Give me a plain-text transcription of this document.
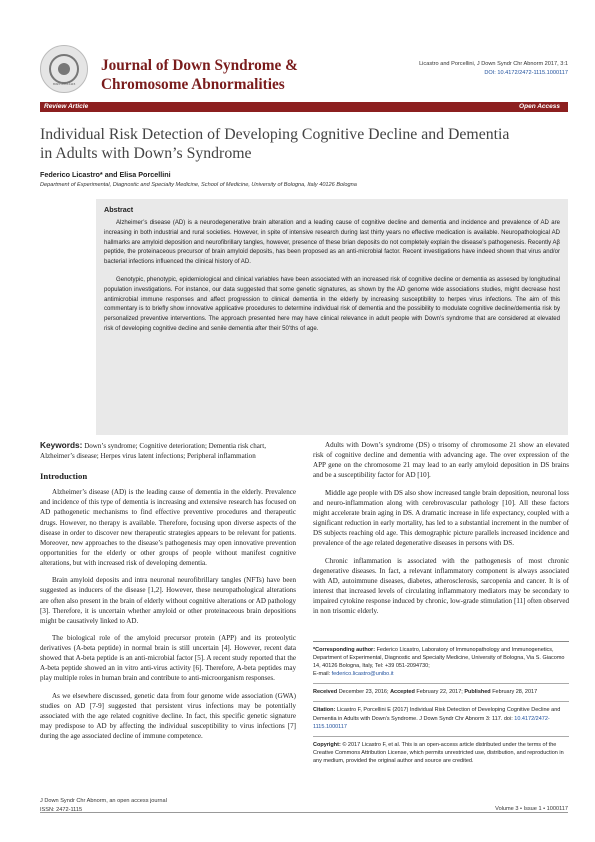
ISSN: 2472-1115
Journal of Down Syndrome &
Chromosome Abnormalities
Licastro and Porcellini, J Down Syndr Chr Abnorm 2017, 3:1
DOI: 10.4172/2472-1115.1000117
Review Article	Open Access
Individual Risk Detection of Developing Cognitive Decline and Dementia
in Adults with Down’s Syndrome
Federico Licastro* and Elisa Porcellini
Department of Experimental, Diagnostic and Specialty Medicine, School of Medicine, University of Bologna, Italy 40126 Bologna
Abstract

Alzheimer’s disease (AD) is a neurodegenerative brain alteration and a leading cause of cognitive decline and dementia and incidence and prevalence of AD are increasing in both industrial and rural societies. However, in spite of intensive research during last thirty years no effective medication is available. Neuropathological AD hallmarks are amyloid deposition and neurofibrillary tangles, however, presence of these brian deposits do not completely explain the disease’s pathogenesis. Recently Aβ peptide, the proteinaceous precursor of brain amyloid deposits, has been proposed as an anti-microbial factor. Recent investigations have indeed shown that virus and/or bacterial infections influenced the clinical history of AD.

Genotypic, phenotypic, epidemiological and clinical variables have been associated with an increased risk of cognitive decline or dementia as assesed by longitudinal population investigations. For instance, our data suggested that some genetic signatures, as shown by the AD genome wide associations studies, might decrease host antimicrobial immune responses and affect progression to clinical dementia in the elderly by increasing susceptibility to herpes virus infections. The aim of this commentary is to briefly show innovative applicative procedures to determine individual risk of dementia and the possibility to modulate cognitive decline/dementia risk by personalized preventive interventions. The approach presented here may have clinical relevance in adult people with Down’s syndrome that are considered at elevated risk of developing cognitive decline and senile dementia after their 50’ths of age.

Keywords: Down’s syndrome; Cognitive deterioration; Dementia risk chart, Alzheimer’s disease; Herpes virus latent infections; Peripheral inflammation
Introduction

Alzheimer’s disease (AD) is the leading cause of dementia in the elderly. Prevalence and incidence of this type of dementia is increasing and extensive research has focused on AD pathogenetic mechanisms to find effective preventive procedures and therapeutic drugs. However, no therapy is available. Therefore, focusing upon diverse aspects of the disease in order to discover new therapeutic strategies appears to be relevant for patients. Moreover, new approaches to the disease’s pathogenesis may open innovative prevention opportunities for the elderly or other groups of people without manifest cognitive alterations, but with increased risk of developing dementia.

Brain amyloid deposits and intra neuronal neurofibrillary tangles (NFTs) have been suggested as inducers of the disease [1,2]. However, these neuropathological alterations are often also present in the brain of elderly without cognitive alterations or AD pathology [3]. Therefore, it is uncertain whether amyloid or other proteinaceous brain depositions might be causatively linked to AD.

The biological role of the amyloid precursor protein (APP) and its proteolytic derivatives (A-beta peptide) in normal brain is still uncertain [4]. However, recent data showed that A-beta peptide is an anti-microbial factor [5]. A recent study reported that the A-beta peptide showed an in vitro anti-virus activity [6]. Therefore, A-beta peptides may play multiple roles in human brain and contribute to anti-microorganism responses.

As we elsewhere discussed, genetic data from four genome wide association (GWA) studies on AD [7-9] suggested that persistent virus infections may be potentially associated with the age related cognitive decline. In fact, this specific genetic signature may predispose to AD by affecting the individual susceptibility to virus infections [7] during the age associated decline of immune competence.

Adults with Down’s syndrome (DS) o trisomy of chromosome 21 show an elevated risk of cognitive decline and dementia with advancing age. The over expression of the APP gene on the chromosome 21 may lead to an early amyloid deposition in DS brains and be a susceptibility factor for AD [10].

Middle age people with DS also show increased tangle brain deposition, neuronal loss and neuro-inflammation along with cerebrovascular pathology [10]. All these factors might accelerate brain aging in DS. A dramatic increase in life expectancy, coupled with a significant reduction in early mortality, has led to a substantial increment in the number of DS subjects reaching old age. This demographic picture parallels increased incidence and prevalence of the age related degenerative diseases in persons with DS.

Chronic inflammation is associated with the pathogenesis of most chronic degenerative diseases. In fact, a relevant inflammatory component is always associated with AD, autoimmune diseases, diabetes, atherosclerosis, sarcopenia and cancer. It is of interest that increased levels of circulating inflammatory mediators may be secondary to impaired cytokine response induced by chronic, low-grade stimulation [11] often observed in non trisomic elderly.

*Corresponding author: Federico Licastro, Laboratory of Immunopathology and Immunogenetics, Department of Experimental, Diagnostic and Specialty Medicine, University of Bologna, Via S. Giacomo 14, 40126 Bologna, Italy, Tel: +39 051-2094730;
E-mail: federico.licastro@unibo.it
Received December 23, 2016; Accepted February 22, 2017; Published February 28, 2017
Citation: Licastro F, Porcellini E (2017) Individual Risk Detection of Developing Cognitive Decline and Dementia in Adults with Down’s Syndrome. J Down Syndr Chr Abnorm 3: 117. doi: 10.4172/2472-1115.1000117
Copyright: © 2017 Licastro F, et al. This is an open-access article distributed under the terms of the Creative Commons Attribution License, which permits unrestricted use, distribution, and reproduction in any medium, provided the original author and source are credited.
J Down Syndr Chr Abnorm, an open access journal
ISSN: 2472-1115	Volume 3 • Issue 1 • 1000117
